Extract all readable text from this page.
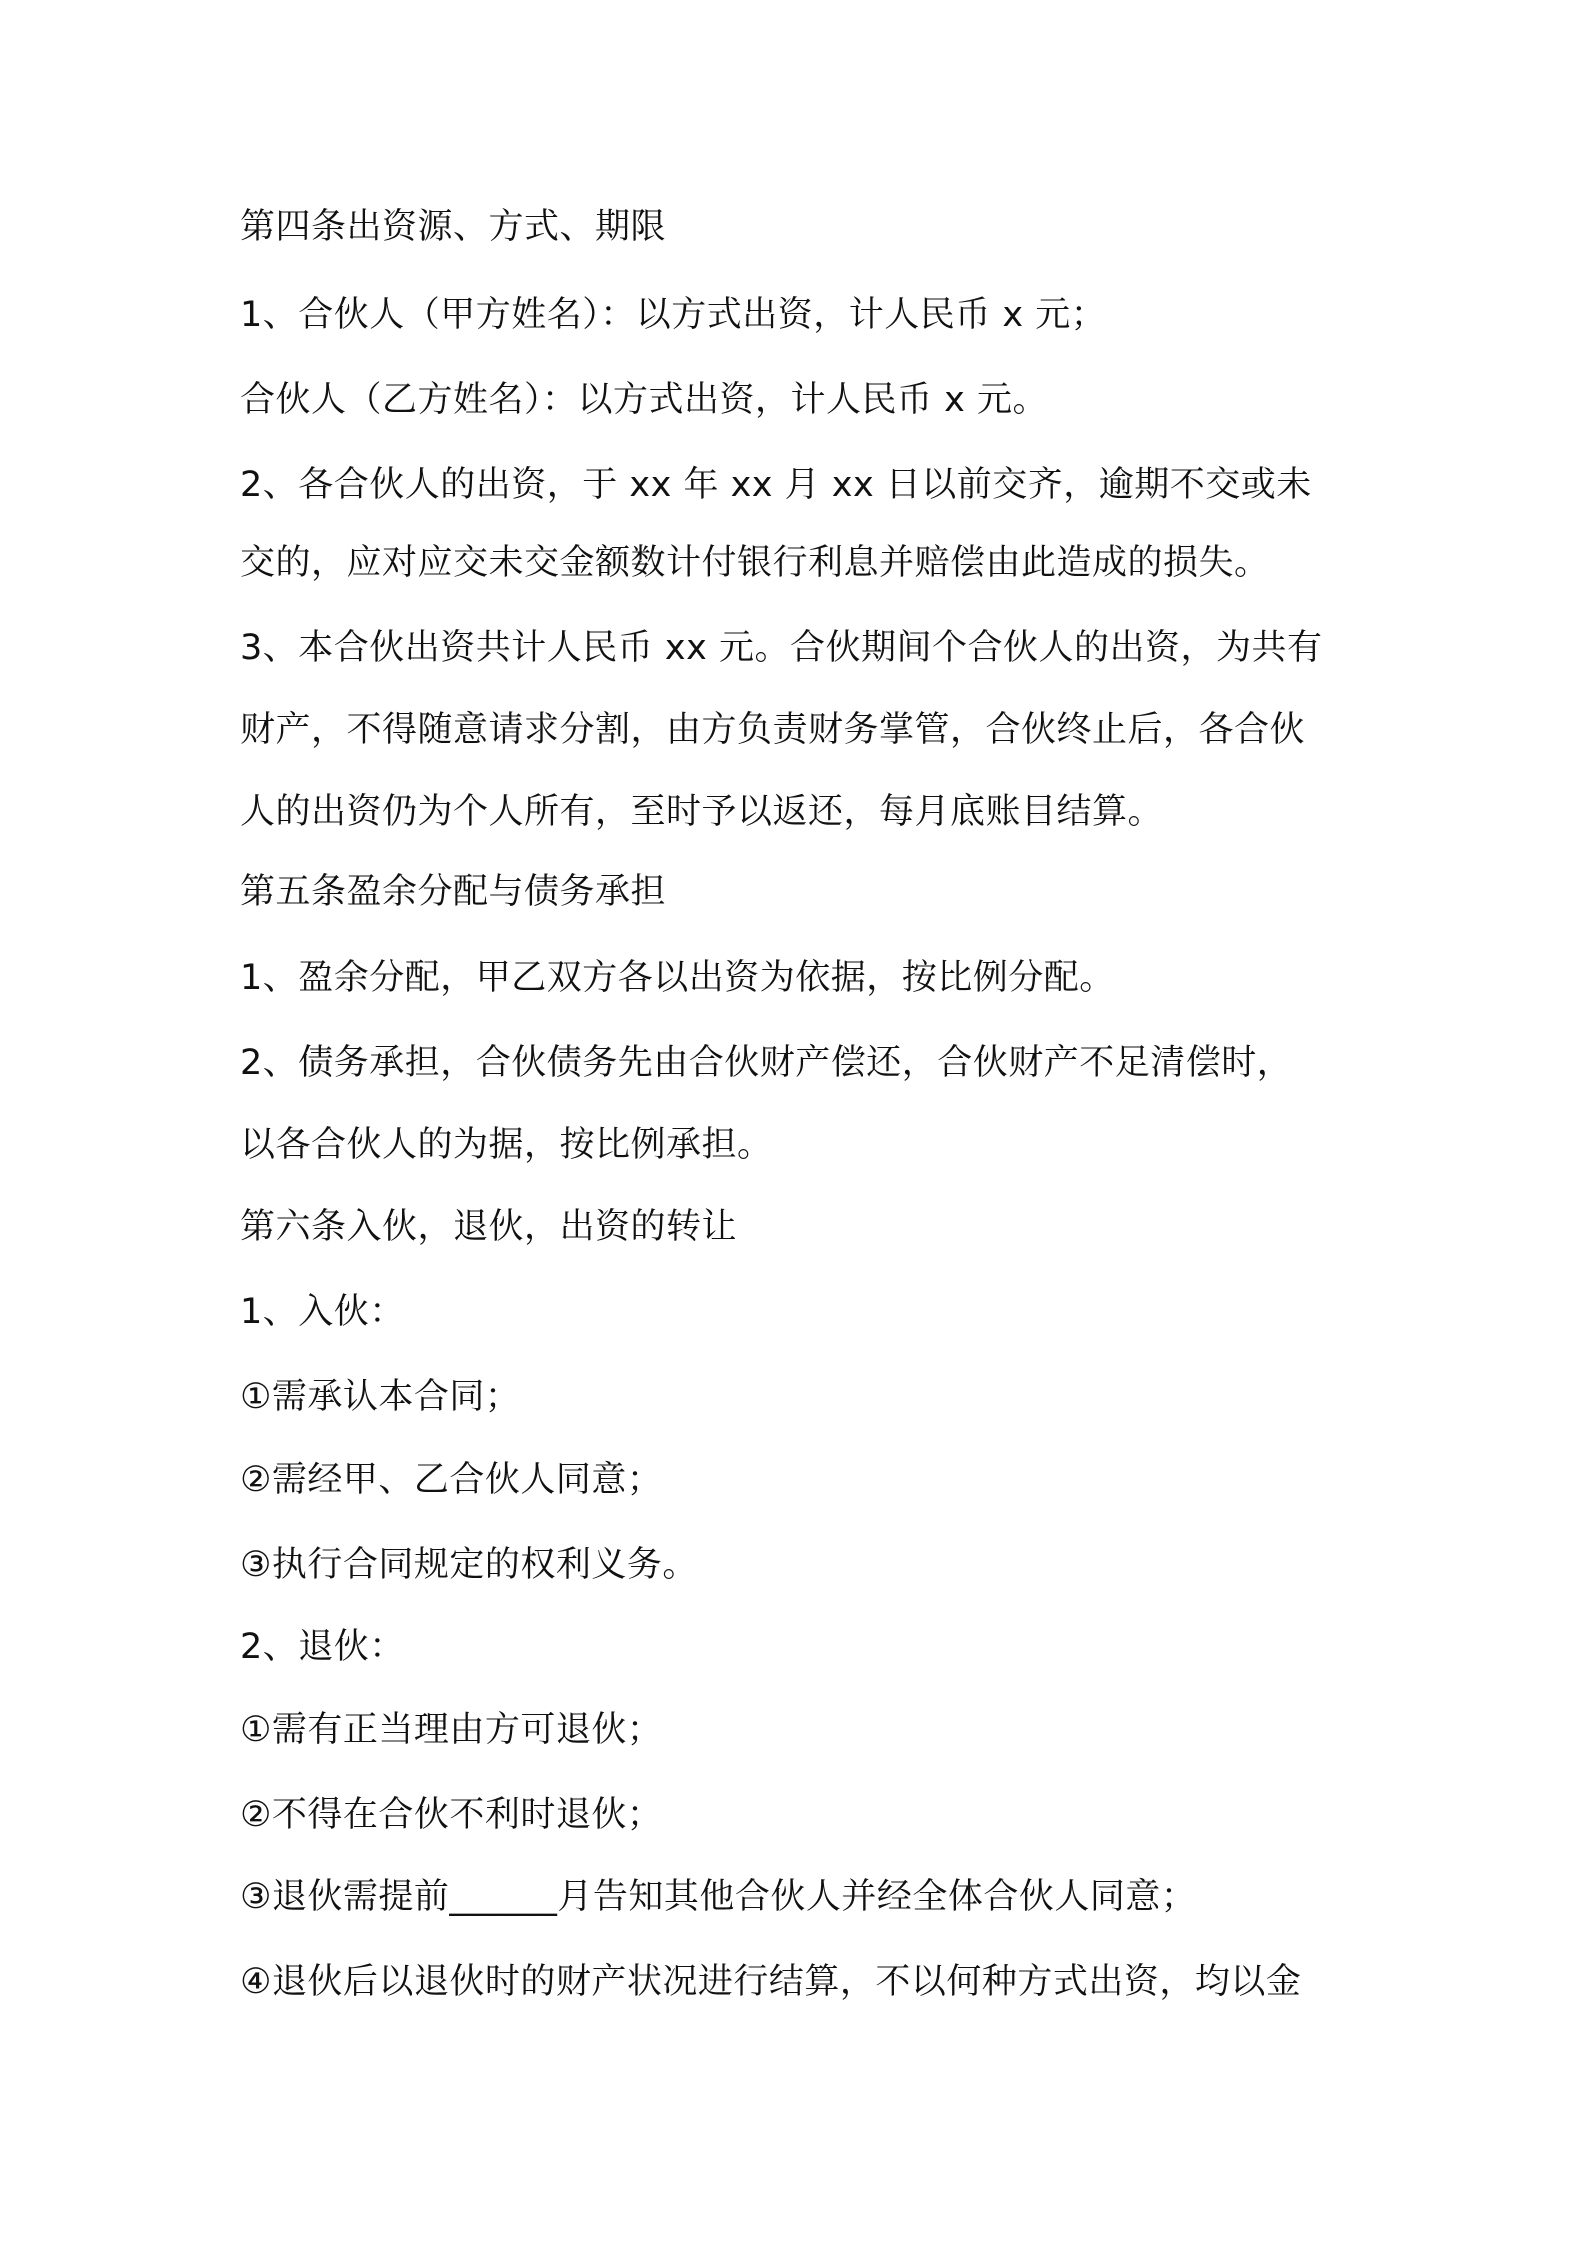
第四条出资源、方式、期限
1、合伙人（甲方姓名）：以方式出资，计人民币 x 元；
合伙人（乙方姓名）：以方式出资，计人民币 x 元。
2、各合伙人的出资，于 xx 年 xx 月 xx 日以前交齐，逾期不交或未
交的，应对应交未交金额数计付银行利息并赔偿由此造成的损失。
3、本合伙出资共计人民币 xx 元。合伙期间个合伙人的出资，为共有
财产，不得随意请求分割，由方负责财务掌管，合伙终止后，各合伙
人的出资仍为个人所有，至时予以返还，每月底账目结算。
第五条盈余分配与债务承担
1、盈余分配，甲乙双方各以出资为依据，按比例分配。
2、债务承担，合伙债务先由合伙财产偿还，合伙财产不足清偿时，
以各合伙人的为据，按比例承担。
第六条入伙，退伙，出资的转让
1、入伙：
①需承认本合同；
②需经甲、乙合伙人同意；
③执行合同规定的权利义务。
2、退伙：
①需有正当理由方可退伙；
②不得在合伙不利时退伙；
③退伙需提前______月告知其他合伙人并经全体合伙人同意；
④退伙后以退伙时的财产状况进行结算，不以何种方式出资，均以金
